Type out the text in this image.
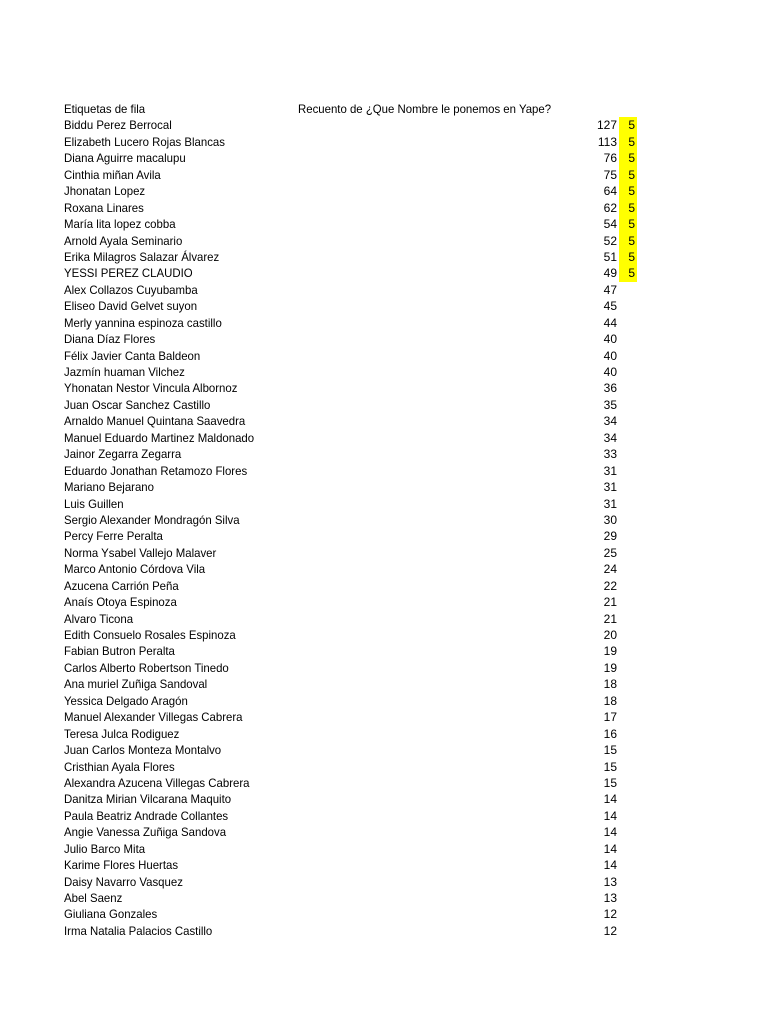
Etiquetas de fila	Recuento de ¿Que Nombre le ponemos en Yape?
Biddu Perez Berrocal	127 5
Elizabeth Lucero Rojas Blancas	113 5
Diana Aguirre macalupu	76 5
Cinthia miñan Avila	75 5
Jhonatan Lopez	64 5
Roxana Linares	62 5
María lita lopez cobba	54 5
Arnold Ayala Seminario	52 5
Erika Milagros Salazar Álvarez	51 5
YESSI PEREZ CLAUDIO	49 5
Alex Collazos Cuyubamba	47
Eliseo David Gelvet suyon	45
Merly yannina espinoza castillo	44
Diana Díaz Flores	40
Félix Javier Canta Baldeon	40
Jazmín huaman Vilchez	40
Yhonatan Nestor Vincula Albornoz	36
Juan Oscar Sanchez Castillo	35
Arnaldo Manuel Quintana Saavedra	34
Manuel Eduardo Martinez Maldonado	34
Jainor Zegarra Zegarra	33
Eduardo Jonathan Retamozo Flores	31
Mariano Bejarano	31
Luis Guillen	31
Sergio Alexander Mondragón Silva	30
Percy Ferre Peralta	29
Norma Ysabel Vallejo Malaver	25
Marco Antonio Córdova Vila	24
Azucena Carrión Peña	22
Anaís Otoya Espinoza	21
Alvaro Ticona	21
Edith Consuelo Rosales Espinoza	20
Fabian Butron Peralta	19
Carlos Alberto Robertson Tinedo	19
Ana muriel Zuñiga Sandoval	18
Yessica Delgado Aragón	18
Manuel Alexander Villegas Cabrera	17
Teresa Julca Rodiguez	16
Juan Carlos Monteza Montalvo	15
Cristhian Ayala Flores	15
Alexandra Azucena Villegas Cabrera	15
Danitza Mirian Vilcarana Maquito	14
Paula Beatriz Andrade Collantes	14
Angie Vanessa Zuñiga Sandova	14
Julio Barco Mita	14
Karime Flores Huertas	14
Daisy Navarro Vasquez	13
Abel Saenz	13
Giuliana Gonzales	12
Irma Natalia Palacios Castillo	12
